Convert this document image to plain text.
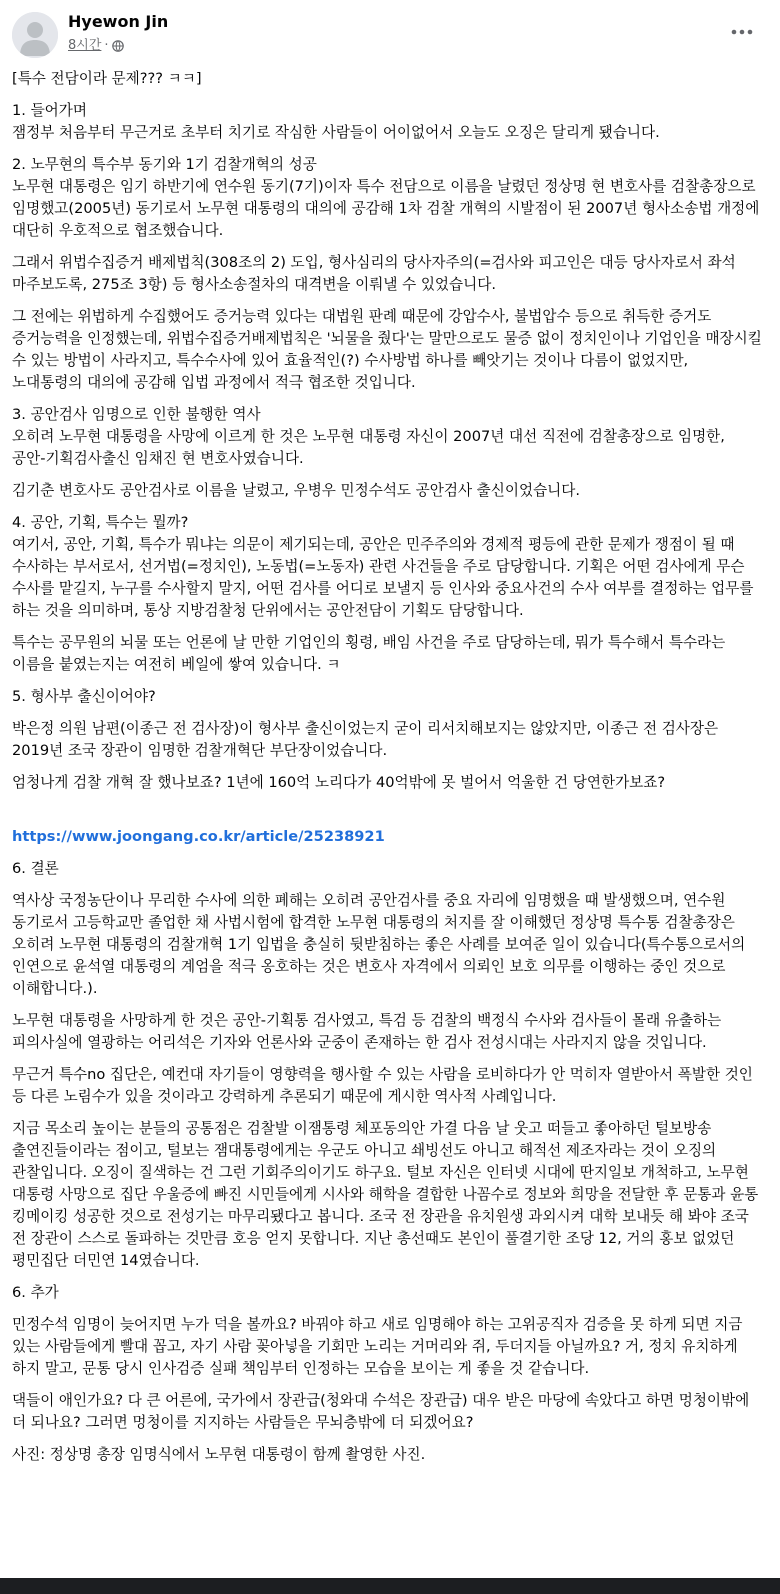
Hyewon Jin
8시간 ·

[특수 전담이라 문제??? ㅋㅋ]

1. 들어가며
잼정부 처음부터 무근거로 초부터 치기로 작심한 사람들이 어이없어서 오늘도 오징은 달리게 됐습니다.

2. 노무현의 특수부 동기와 1기 검찰개혁의 성공
노무현 대통령은 임기 하반기에 연수원 동기(7기)이자 특수 전담으로 이름을 날렸던 정상명 현 변호사를 검찰총장으로 임명했고(2005년) 동기로서 노무현 대통령의 대의에 공감해 1차 검찰 개혁의 시발점이 된 2007년 형사소송법 개정에 대단히 우호적으로 협조했습니다.

그래서 위법수집증거 배제법칙(308조의 2) 도입, 형사심리의 당사자주의(=검사와 피고인은 대등 당사자로서 좌석 마주보도록, 275조 3항) 등 형사소송절차의 대격변을 이뤄낼 수 있었습니다.

그 전에는 위법하게 수집했어도 증거능력 있다는 대법원 판례 때문에 강압수사, 불법압수 등으로 취득한 증거도 증거능력을 인정했는데, 위법수집증거배제법칙은 '뇌물을 줬다'는 말만으로도 물증 없이 정치인이나 기업인을 매장시킬 수 있는 방법이 사라지고, 특수수사에 있어 효율적인(?) 수사방법 하나를 빼앗기는 것이나 다름이 없었지만, 노대통령의 대의에 공감해 입법 과정에서 적극 협조한 것입니다.

3. 공안검사 임명으로 인한 불행한 역사
오히려 노무현 대통령을 사망에 이르게 한 것은 노무현 대통령 자신이 2007년 대선 직전에 검찰총장으로 임명한, 공안-기획검사출신 임채진 현 변호사였습니다.

김기춘 변호사도 공안검사로 이름을 날렸고, 우병우 민정수석도 공안검사 출신이었습니다.

4. 공안, 기획, 특수는 뭘까?
여기서, 공안, 기획, 특수가 뭐냐는 의문이 제기되는데, 공안은 민주주의와 경제적 평등에 관한 문제가 쟁점이 될 때 수사하는 부서로서, 선거법(=정치인), 노동법(=노동자) 관련 사건들을 주로 담당합니다. 기획은 어떤 검사에게 무슨 수사를 맡길지, 누구를 수사할지 말지, 어떤 검사를 어디로 보낼지 등 인사와 중요사건의 수사 여부를 결정하는 업무를 하는 것을 의미하며, 통상 지방검찰청 단위에서는 공안전담이 기획도 담당합니다.

특수는 공무원의 뇌물 또는 언론에 날 만한 기업인의 횡령, 배임 사건을 주로 담당하는데, 뭐가 특수해서 특수라는 이름을 붙였는지는 여전히 베일에 쌓여 있습니다. ㅋ

5. 형사부 출신이어야?

박은정 의원 남편(이종근 전 검사장)이 형사부 출신이었는지 굳이 리서치해보지는 않았지만, 이종근 전 검사장은 2019년 조국 장관이 임명한 검찰개혁단 부단장이었습니다.

엄청나게 검찰 개혁 잘 했나보죠? 1년에 160억 노리다가 40억밖에 못 벌어서 억울한 건 당연한가보죠?

https://www.joongang.co.kr/article/25238921

6. 결론

역사상 국정농단이나 무리한 수사에 의한 폐해는 오히려 공안검사를 중요 자리에 임명했을 때 발생했으며, 연수원 동기로서 고등학교만 졸업한 채 사법시험에 합격한 노무현 대통령의 처지를 잘 이해했던 정상명 특수통 검찰총장은 오히려 노무현 대통령의 검찰개혁 1기 입법을 충실히 뒷받침하는 좋은 사례를 보여준 일이 있습니다(특수통으로서의 인연으로 윤석열 대통령의 계엄을 적극 옹호하는 것은 변호사 자격에서 의뢰인 보호 의무를 이행하는 중인 것으로 이해합니다.).

노무현 대통령을 사망하게 한 것은 공안-기획통 검사였고, 특검 등 검찰의 백정식 수사와 검사들이 몰래 유출하는 피의사실에 열광하는 어리석은 기자와 언론사와 군중이 존재하는 한 검사 전성시대는 사라지지 않을 것입니다.

무근거 특수no 집단은, 예컨대 자기들이 영향력을 행사할 수 있는 사람을 로비하다가 안 먹히자 열받아서 폭발한 것인 등 다른 노림수가 있을 것이라고 강력하게 추론되기 때문에 게시한 역사적 사례입니다.

지금 목소리 높이는 분들의 공통점은 검찰발 이잼통령 체포동의안 가결 다음 날 웃고 떠들고 좋아하던 털보방송 출연진들이라는 점이고, 털보는 잼대통령에게는 우군도 아니고 쇄빙선도 아니고 해적선 제조자라는 것이 오징의 관찰입니다. 오징이 질색하는 건 그런 기회주의이기도 하구요. 털보 자신은 인터넷 시대에 딴지일보 개척하고, 노무현 대통령 사망으로 집단 우울증에 빠진 시민들에게 시사와 해학을 결합한 나꼼수로 정보와 희망을 전달한 후 문통과 윤통 킹메이킹 성공한 것으로 전성기는 마무리됐다고 봅니다. 조국 전 장관을 유치원생 과외시켜 대학 보내듯 해 봐야 조국 전 장관이 스스로 돌파하는 것만큼 호응 얻지 못합니다. 지난 총선때도 본인이 풀결기한 조당 12, 거의 홍보 없었던 평민집단 더민연 14였습니다.

6. 추가

민정수석 임명이 늦어지면 누가 덕을 볼까요? 바꿔야 하고 새로 임명해야 하는 고위공직자 검증을 못 하게 되면 지금 있는 사람들에게 빨대 꼽고, 자기 사람 꽂아넣을 기회만 노리는 거머리와 쥐, 두더지들 아닐까요? 거, 정치 유치하게 하지 말고, 문통 당시 인사검증 실패 책임부터 인정하는 모습을 보이는 게 좋을 것 같습니다.

댁들이 애인가요? 다 큰 어른에, 국가에서 장관급(청와대 수석은 장관급) 대우 받은 마당에 속았다고 하면 멍청이밖에 더 되나요? 그러면 멍청이를 지지하는 사람들은 무뇌층밖에 더 되겠어요?

사진: 정상명 총장 임명식에서 노무현 대통령이 함께 촬영한 사진.
